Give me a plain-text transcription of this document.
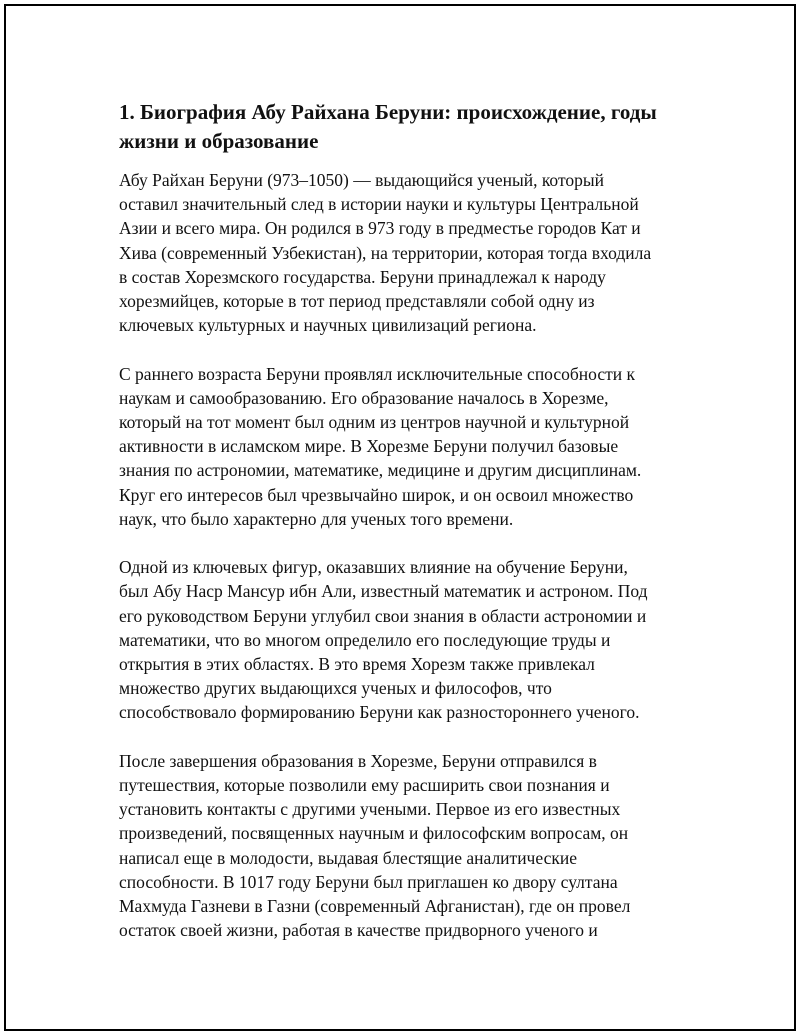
1. Биография Абу Райхана Беруни: происхождение, годы жизни и образование

Абу Райхан Беруни (973–1050) — выдающийся ученый, который
оставил значительный след в истории науки и культуры Центральной
Азии и всего мира. Он родился в 973 году в предместье городов Кат и
Хива (современный Узбекистан), на территории, которая тогда входила
в состав Хорезмского государства. Беруни принадлежал к народу
хорезмийцев, которые в тот период представляли собой одну из
ключевых культурных и научных цивилизаций региона.

С раннего возраста Беруни проявлял исключительные способности к
наукам и самообразованию. Его образование началось в Хорезме,
который на тот момент был одним из центров научной и культурной
активности в исламском мире. В Хорезме Беруни получил базовые
знания по астрономии, математике, медицине и другим дисциплинам.
Круг его интересов был чрезвычайно широк, и он освоил множество
наук, что было характерно для ученых того времени.

Одной из ключевых фигур, оказавших влияние на обучение Беруни,
был Абу Наср Мансур ибн Али, известный математик и астроном. Под
его руководством Беруни углубил свои знания в области астрономии и
математики, что во многом определило его последующие труды и
открытия в этих областях. В это время Хорезм также привлекал
множество других выдающихся ученых и философов, что
способствовало формированию Беруни как разностороннего ученого.

После завершения образования в Хорезме, Беруни отправился в
путешествия, которые позволили ему расширить свои познания и
установить контакты с другими учеными. Первое из его известных
произведений, посвященных научным и философским вопросам, он
написал еще в молодости, выдавая блестящие аналитические
способности. В 1017 году Беруни был приглашен ко двору султана
Махмуда Газневи в Газни (современный Афганистан), где он провел
остаток своей жизни, работая в качестве придворного ученого и
